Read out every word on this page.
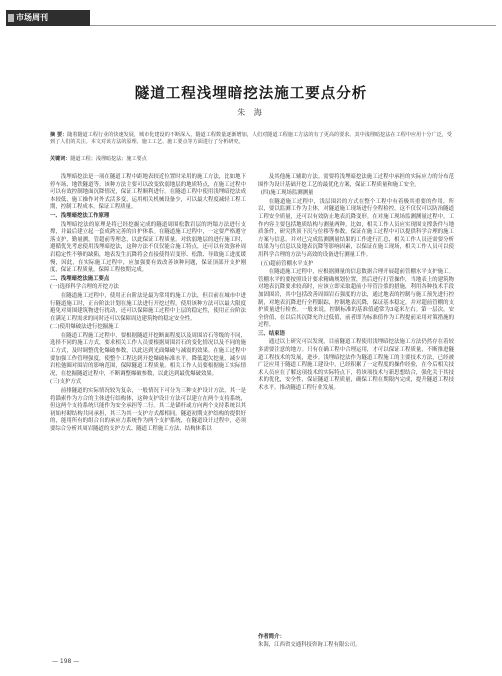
市场周刊
隧道工程浅埋暗挖法施工要点分析
朱 海
摘 要：随着隧道工程行业的快速发展，城市化建设的不断深入，隧道工程数量逐渐增加，人们对隧道工程施工方法的有了更高的要求。其中浅埋暗挖法在工程中应用十分广泛，受到了人们的关注。本文对该方法的原理、施工工艺、施工要点等方面进行了分析研究。
关键词：隧道工程；浅埋暗挖法；施工要点

浅埋暗挖法是一项在隧道工程中距地表较近位置时采用的施工方法，比如地下停车场、地铁隧道等。该种方法主要可以改变软弱地层的地质特点，在施工过程中可以有效控制地面沉降情况，保证工程顺利进行。在隧道工程中使用浅埋暗挖法成本较低，施工操作对外式活多变，运用相关机械设备少，可以最大程度减轻工程工期，控制工程成本，保证工程质量。

一、浅埋暗挖法工作原理

浅埋暗挖法的原理是将已经挖掘完成的隧道周围松散岩层的坍塌方法进行支撑，并最后建立起一套成熟完善的自护体系。在隧道施工过程中，一定要严格遵守落支护，勤量测，管超前等理念，以此保证工程质量。对软弱地层的进行施工时，遵循优先考虑使用浅埋暗挖法，这种方法不仅仅能合施工特点，还可以有效弥补周岩稳定性不够的缺陷，地表发生沉降将会直接使得岩变形、松散、导致施工进度缓慢，因此，在实际施工过程中，应加强要有效改善该种问题，保证顶部开支护刚度，保证工程质量，保障工程按期完成。

二、浅埋暗挖法施工要点

(一)选择科学合理的开挖方法

在隧道施工过程中，使用正台阶法是最为常用的施工方法，但目前在城市中进行隧道施工时，正台阶法计划在施工法进行开挖过程。使用该种方法可以最大限度避免对周围建筑物进行扰动，还可以保障施工过程中上层的稳定性，使用正台阶法在满足工程需求的同时还可以保障周边建筑物的稳定安全性。

(二)使用爆破法进行挖掘施工

在隧道工程施工过程中，要根据隧道开挖断面程度以及周围岩石等级的不同，选择不同的施工方式，要求相关工作人员要根据周围岩石的变化情况以及不同的施工方式，及时调整优化爆破参数，以此达到光面爆破与减震的效果。在施工过程中要加强工作管理强度，使整个工程达到开挖爆破标准水平，降低超欠挖量，减少周岩松弛圈对围岩的影响范围，保障隧道工程质量。相关工作人员要根据施工实际情况，在挖掘隧道过程中，不断调整爆破参数，以此达到最优爆破效果。

(三)支护方式

前排隧道的实际情况较为复杂，一般情况下可分为三种支护设计方法，其一是将锚索作为方合的主体进行结构体，这种支护设计方法可以建立在两个支持系统，但这两个支持系统只能作为安全承担等二行。其二是锚杆或方向两个支持系统以其初始衬砌结构共同承担，其三为其一支护方式都相同。隧道初期支护结构的提供好的，能用所有的组合自的承应力系统作为两个支护系统，在隧道设计过程中，必须要综合分析其周岩隧道的支护方式、隧道工程施工方法、结构体系以

及其他施工辅助方法。需要将浅埋暗挖法施工过程中承担的实际应力的分布范围作为设计基础开挖工艺的最优化方案，保证工程质量和施工安全。

(四)施工现场监测测量

在隧道施工过程中，浅层围岩的方式在整个工程中有着极其重要的作用，所以，要以监测工作为主体，对隧道施工现场进行全程检控，这不仅仅可以防治隧道工程安全质量，还可以有效防止地表沉降变形。在对施工现场监测测量过程中，工作内容主要包括地质结构与测量两种，比如，相关工作人员应实现围支撑条件与地质条件，研究拱顶下沉与位移等参数，保证在施工过程中可以提供科学合理的施工方案与信息。并对已完成监测测量结果的工作进行汇总，相关工作人员还需要分析结果为与信息以及地表沉降等影响因素，以保证在施工现场，相关工作人员可以使用科学合理的方法与高效的设备进行测量工作。

(五)超前管棚水平支护

在隧道施工过程中，应根据测量的信息数据合理开展超前管棚水平支护施工。管棚水平的要按照设计要求精确规划位置，然后进行打管操作，当地表上的建筑物对地表沉降要求较高时，应该立即采取超前小导管注浆的措施，利用各种技术手段加固围岩，其中包括改善周围岩石强度的方法，通过地表的控制与施工预先进行控制，对地表沉降进行全程跟踪，控制地表沉降，保证基本稳定，并对超前管棚的支护质量进行检查。一般来说，控制标准的基准值通常为3毫米左右。第一层次，安全价值，在以后其沉降允许过低值，前者即为标准值作为工程提前采用对策措施的过程。

三、结束语

通过以上研究可以发现，目前隧道工程使用浅埋暗挖法施工方法仍然存在着较多需要注意的地方。只有在确工程中合理运用，才可以保证工程质量，不断推进隧道工程技术的发展，进步。浅埋暗挖法作为隧道工程施工的主要技术方法，已经被广泛应用于隧道工程施工建设中，已经积累了一定程度的操作经验，在今后相关技术人员应在了解这项技术的实际特点下，将该项技术与新思想结合，强化关于其技术的优化，安全性，保证隧道工程质量，确保工程在期限内完成，提升隧道工程技术水平，推动隧道工程行业发展。

作者简介：
朱海，江西省交通科技咨询工程有限公司。
— 198 —
